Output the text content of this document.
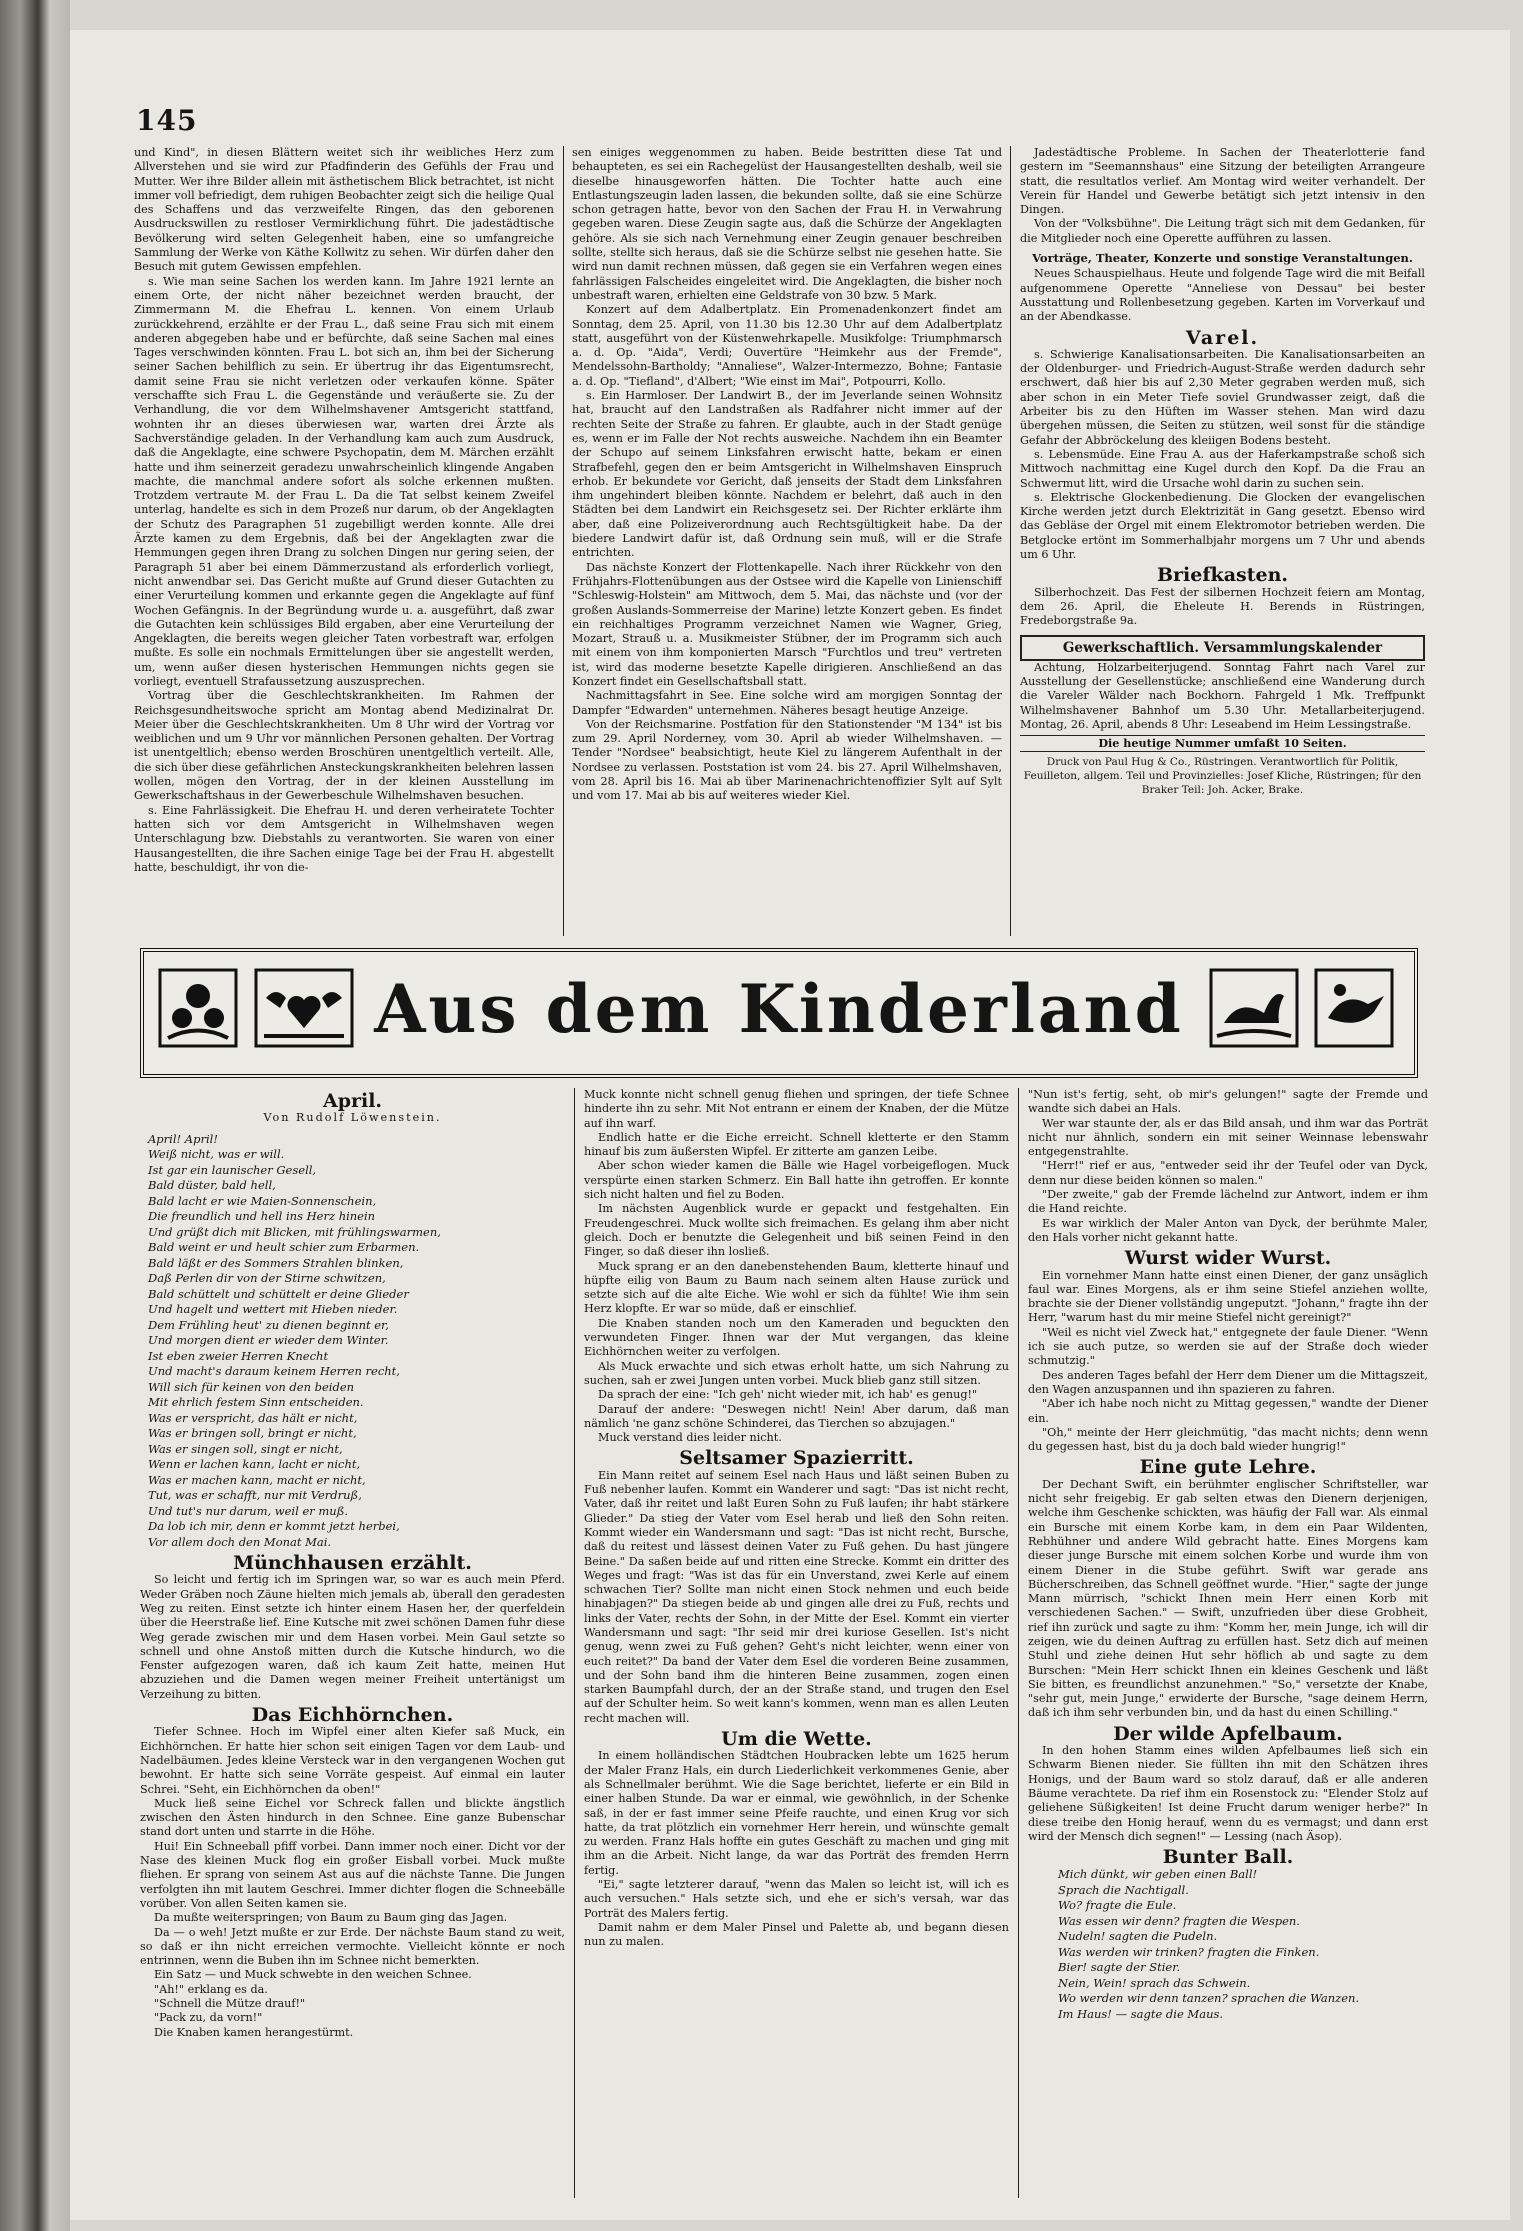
145

und Kind", in diesen Blättern weitet sich ihr weibliches Herz zum Allverstehen und sie wird zur Pfadfinderin des Gefühls der Frau und Mutter. Wer ihre Bilder allein mit ästhetischem Blick betrachtet, ist nicht immer voll befriedigt, dem ruhigen Beobachter zeigt sich die heilige Qual des Schaffens und das verzweifelte Ringen, das den geborenen Ausdruckswillen zu restloser Vermirklichung führt. Die jadestädtische Bevölkerung wird selten Gelegenheit haben, eine so umfangreiche Sammlung der Werke von Käthe Kollwitz zu sehen. Wir dürfen daher den Besuch mit gutem Gewissen empfehlen.

s. Wie man seine Sachen los werden kann. Im Jahre 1921 lernte an einem Orte, der nicht näher bezeichnet werden braucht, der Zimmermann M. die Ehefrau L. kennen. Von einem Urlaub zurückkehrend, erzählte er der Frau L., daß seine Frau sich mit einem anderen abgegeben habe und er befürchte, daß seine Sachen mal eines Tages verschwinden könnten. Frau L. bot sich an, ihm bei der Sicherung seiner Sachen behilflich zu sein. Er übertrug ihr das Eigentumsrecht, damit seine Frau sie nicht verletzen oder verkaufen könne. Später verschaffte sich Frau L. die Gegenstände und veräußerte sie. Zu der Verhandlung, die vor dem Wilhelmshavener Amtsgericht stattfand, wohnten ihr an dieses überwiesen war, warten drei Ärzte als Sachverständige geladen. In der Verhandlung kam auch zum Ausdruck, daß die Angeklagte, eine schwere Psychopatin, dem M. Märchen erzählt hatte und ihm seinerzeit geradezu unwahrscheinlich klingende Angaben machte, die manchmal andere sofort als solche erkennen mußten. Trotzdem vertraute M. der Frau L. Da die Tat selbst keinem Zweifel unterlag, handelte es sich in dem Prozeß nur darum, ob der Angeklagten der Schutz des Paragraphen 51 zugebilligt werden konnte. Alle drei Ärzte kamen zu dem Ergebnis, daß bei der Angeklagten zwar die Hemmungen gegen ihren Drang zu solchen Dingen nur gering seien, der Paragraph 51 aber bei einem Dämmerzustand als erforderlich vorliegt, nicht anwendbar sei. Das Gericht mußte auf Grund dieser Gutachten zu einer Verurteilung kommen und erkannte gegen die Angeklagte auf fünf Wochen Gefängnis. In der Begründung wurde u. a. ausgeführt, daß zwar die Gutachten kein schlüssiges Bild ergaben, aber eine Verurteilung der Angeklagten, die bereits wegen gleicher Taten vorbestraft war, erfolgen mußte. Es solle ein nochmals Ermittelungen über sie angestellt werden, um, wenn außer diesen hysterischen Hemmungen nichts gegen sie vorliegt, eventuell Strafaussetzung auszusprechen.

Vortrag über die Geschlechtskrankheiten. Im Rahmen der Reichsgesundheitswoche spricht am Montag abend Medizinalrat Dr. Meier über die Geschlechtskrankheiten. Um 8 Uhr wird der Vortrag vor weiblichen und um 9 Uhr vor männlichen Personen gehalten. Der Vortrag ist unentgeltlich; ebenso werden Broschüren unentgeltlich verteilt. Alle, die sich über diese gefährlichen Ansteckungskrankheiten belehren lassen wollen, mögen den Vortrag, der in der kleinen Ausstellung im Gewerkschaftshaus in der Gewerbeschule Wilhelmshaven besuchen.

s. Eine Fahrlässigkeit. Die Ehefrau H. und deren verheiratete Tochter hatten sich vor dem Amtsgericht in Wilhelmshaven wegen Unterschlagung bzw. Diebstahls zu verantworten. Sie waren von einer Hausangestellten, die ihre Sachen einige Tage bei der Frau H. abgestellt hatte, beschuldigt, ihr von die-

sen einiges weggenommen zu haben. Beide bestritten diese Tat und behaupteten, es sei ein Rachegelüst der Hausangestellten deshalb, weil sie dieselbe hinausgeworfen hätten. Die Tochter hatte auch eine Entlastungszeugin laden lassen, die bekunden sollte, daß sie eine Schürze schon getragen hatte, bevor von den Sachen der Frau H. in Verwahrung gegeben waren. Diese Zeugin sagte aus, daß die Schürze der Angeklagten gehöre. Als sie sich nach Vernehmung einer Zeugin genauer beschreiben sollte, stellte sich heraus, daß sie die Schürze selbst nie gesehen hatte. Sie wird nun damit rechnen müssen, daß gegen sie ein Verfahren wegen eines fahrlässigen Falscheides eingeleitet wird. Die Angeklagten, die bisher noch unbestraft waren, erhielten eine Geldstrafe von 30 bzw. 5 Mark.

Konzert auf dem Adalbertplatz. Ein Promenadenkonzert findet am Sonntag, dem 25. April, von 11.30 bis 12.30 Uhr auf dem Adalbertplatz statt, ausgeführt von der Küstenwehrkapelle. Musikfolge: Triumphmarsch a. d. Op. "Aida", Verdi; Ouvertüre "Heimkehr aus der Fremde", Mendelssohn-Bartholdy; "Annaliese", Walzer-Intermezzo, Bohne; Fantasie a. d. Op. "Tiefland", d'Albert; "Wie einst im Mai", Potpourri, Kollo.

s. Ein Harmloser. Der Landwirt B., der im Jeverlande seinen Wohnsitz hat, braucht auf den Landstraßen als Radfahrer nicht immer auf der rechten Seite der Straße zu fahren. Er glaubte, auch in der Stadt genüge es, wenn er im Falle der Not rechts ausweiche. Nachdem ihn ein Beamter der Schupo auf seinem Linksfahren erwischt hatte, bekam er einen Strafbefehl, gegen den er beim Amtsgericht in Wilhelmshaven Einspruch erhob. Er bekundete vor Gericht, daß jenseits der Stadt dem Linksfahren ihm ungehindert bleiben könnte. Nachdem er belehrt, daß auch in den Städten bei dem Landwirt ein Reichsgesetz sei. Der Richter erklärte ihm aber, daß eine Polizeiverordnung auch Rechtsgültigkeit habe. Da der biedere Landwirt dafür ist, daß Ordnung sein muß, will er die Strafe entrichten.

Das nächste Konzert der Flottenkapelle. Nach ihrer Rückkehr von den Frühjahrs-Flottenübungen aus der Ostsee wird die Kapelle von Linienschiff "Schleswig-Holstein" am Mittwoch, dem 5. Mai, das nächste und (vor der großen Auslands-Sommerreise der Marine) letzte Konzert geben. Es findet ein reichhaltiges Programm verzeichnet Namen wie Wagner, Grieg, Mozart, Strauß u. a. Musikmeister Stübner, der im Programm sich auch mit einem von ihm komponierten Marsch "Furchtlos und treu" vertreten ist, wird das moderne besetzte Kapelle dirigieren. Anschließend an das Konzert findet ein Gesellschaftsball statt.

Nachmittagsfahrt in See. Eine solche wird am morgigen Sonntag der Dampfer "Edwarden" unternehmen. Näheres besagt heutige Anzeige.

Von der Reichsmarine. Postfation für den Stationstender "M 134" ist bis zum 29. April Norderney, vom 30. April ab wieder Wilhelmshaven. — Tender "Nordsee" beabsichtigt, heute Kiel zu längerem Aufenthalt in der Nordsee zu verlassen. Poststation ist vom 24. bis 27. April Wilhelmshaven, vom 28. April bis 16. Mai ab über Marinenachrichtenoffizier Sylt auf Sylt und vom 17. Mai ab bis auf weiteres wieder Kiel.

Jadestädtische Probleme. In Sachen der Theaterlotterie fand gestern im "Seemannshaus" eine Sitzung der beteiligten Arrangeure statt, die resultatlos verlief. Am Montag wird weiter verhandelt. Der Verein für Handel und Gewerbe betätigt sich jetzt intensiv in den Dingen.

Von der "Volksbühne". Die Leitung trägt sich mit dem Gedanken, für die Mitglieder noch eine Operette aufführen zu lassen.

Vorträge, Theater, Konzerte und sonstige Veranstaltungen.

Neues Schauspielhaus. Heute und folgende Tage wird die mit Beifall aufgenommene Operette "Anneliese von Dessau" bei bester Ausstattung und Rollenbesetzung gegeben. Karten im Vorverkauf und an der Abendkasse.

Varel.

s. Schwierige Kanalisationsarbeiten. Die Kanalisationsarbeiten an der Oldenburger- und Friedrich-August-Straße werden dadurch sehr erschwert, daß hier bis auf 2,30 Meter gegraben werden muß, sich aber schon in ein Meter Tiefe soviel Grundwasser zeigt, daß die Arbeiter bis zu den Hüften im Wasser stehen. Man wird dazu übergehen müssen, die Seiten zu stützen, weil sonst für die ständige Gefahr der Abbröckelung des kleiigen Bodens besteht.

s. Lebensmüde. Eine Frau A. aus der Haferkampstraße schoß sich Mittwoch nachmittag eine Kugel durch den Kopf. Da die Frau an Schwermut litt, wird die Ursache wohl darin zu suchen sein.

s. Elektrische Glockenbedienung. Die Glocken der evangelischen Kirche werden jetzt durch Elektrizität in Gang gesetzt. Ebenso wird das Gebläse der Orgel mit einem Elektromotor betrieben werden. Die Betglocke ertönt im Sommerhalbjahr morgens um 7 Uhr und abends um 6 Uhr.

Briefkasten.

Silberhochzeit. Das Fest der silbernen Hochzeit feiern am Montag, dem 26. April, die Eheleute H. Berends in Rüstringen, Fredeborgstraße 9a.

Gewerkschaftlich. Versammlungskalender

Achtung, Holzarbeiterjugend. Sonntag Fahrt nach Varel zur Ausstellung der Gesellenstücke; anschließend eine Wanderung durch die Vareler Wälder nach Bockhorn. Fahrgeld 1 Mk. Treffpunkt Wilhelmshavener Bahnhof um 5.30 Uhr. Metallarbeiterjugend. Montag, 26. April, abends 8 Uhr: Leseabend im Heim Lessingstraße.

Die heutige Nummer umfaßt 10 Seiten.

Druck von Paul Hug & Co., Rüstringen. Verantwortlich für Politik, Feuilleton, allgem. Teil und Provinzielles: Josef Kliche, Rüstringen; für den Braker Teil: Joh. Acker, Brake.

Aus dem Kinderland
April.

Von Rudolf Löwenstein.

April! April!
Weiß nicht, was er will.
Ist gar ein launischer Gesell,
Bald düster, bald hell,
Bald lacht er wie Maien-Sonnenschein,
Die freundlich und hell ins Herz hinein
Und grüßt dich mit Blicken, mit frühlingswarmen,
Bald weint er und heult schier zum Erbarmen.
Bald läßt er des Sommers Strahlen blinken,
Daß Perlen dir von der Stirne schwitzen,
Bald schüttelt und schüttelt er deine Glieder
Und hagelt und wettert mit Hieben nieder.
Dem Frühling heut' zu dienen beginnt er,
Und morgen dient er wieder dem Winter.
Ist eben zweier Herren Knecht
Und macht's daraum keinem Herren recht,
Will sich für keinen von den beiden
Mit ehrlich festem Sinn entscheiden.
Was er verspricht, das hält er nicht,
Was er bringen soll, bringt er nicht,
Was er singen soll, singt er nicht,
Wenn er lachen kann, lacht er nicht,
Was er machen kann, macht er nicht,
Tut, was er schafft, nur mit Verdruß,
Und tut's nur darum, weil er muß.
Da lob ich mir, denn er kommt jetzt herbei,
Vor allem doch den Monat Mai.
Münchhausen erzählt.

So leicht und fertig ich im Springen war, so war es auch mein Pferd. Weder Gräben noch Zäune hielten mich jemals ab, überall den geradesten Weg zu reiten. Einst setzte ich hinter einem Hasen her, der querfeldein über die Heerstraße lief. Eine Kutsche mit zwei schönen Damen fuhr diese Weg gerade zwischen mir und dem Hasen vorbei. Mein Gaul setzte so schnell und ohne Anstoß mitten durch die Kutsche hindurch, wo die Fenster aufgezogen waren, daß ich kaum Zeit hatte, meinen Hut abzuziehen und die Damen wegen meiner Freiheit untertänigst um Verzeihung zu bitten.

Das Eichhörnchen.

Tiefer Schnee. Hoch im Wipfel einer alten Kiefer saß Muck, ein Eichhörnchen. Er hatte hier schon seit einigen Tagen vor dem Laub- und Nadelbäumen. Jedes kleine Versteck war in den vergangenen Wochen gut bewohnt. Er hatte sich seine Vorräte gespeist. Auf einmal ein lauter Schrei. "Seht, ein Eichhörnchen da oben!"

Muck ließ seine Eichel vor Schreck fallen und blickte ängstlich zwischen den Ästen hindurch in den Schnee. Eine ganze Bubenschar stand dort unten und starrte in die Höhe.

Hui! Ein Schneeball pfiff vorbei. Dann immer noch einer. Dicht vor der Nase des kleinen Muck flog ein großer Eisball vorbei. Muck mußte fliehen. Er sprang von seinem Ast aus auf die nächste Tanne. Die Jungen verfolgten ihn mit lautem Geschrei. Immer dichter flogen die Schneebälle vorüber. Von allen Seiten kamen sie.

Da mußte weiterspringen; von Baum zu Baum ging das Jagen.

Da — o weh! Jetzt mußte er zur Erde. Der nächste Baum stand zu weit, so daß er ihn nicht erreichen vermochte. Vielleicht könnte er noch entrinnen, wenn die Buben ihn im Schnee nicht bemerkten.

Ein Satz — und Muck schwebte in den weichen Schnee.

"Ah!" erklang es da.

"Schnell die Mütze drauf!"

"Pack zu, da vorn!"

Die Knaben kamen herangestürmt.

Muck konnte nicht schnell genug fliehen und springen, der tiefe Schnee hinderte ihn zu sehr. Mit Not entrann er einem der Knaben, der die Mütze auf ihn warf.

Endlich hatte er die Eiche erreicht. Schnell kletterte er den Stamm hinauf bis zum äußersten Wipfel. Er zitterte am ganzen Leibe.

Aber schon wieder kamen die Bälle wie Hagel vorbeigeflogen. Muck verspürte einen starken Schmerz. Ein Ball hatte ihn getroffen. Er konnte sich nicht halten und fiel zu Boden.

Im nächsten Augenblick wurde er gepackt und festgehalten. Ein Freudengeschrei. Muck wollte sich freimachen. Es gelang ihm aber nicht gleich. Doch er benutzte die Gelegenheit und biß seinen Feind in den Finger, so daß dieser ihn losließ.

Muck sprang er an den danebenstehenden Baum, kletterte hinauf und hüpfte eilig von Baum zu Baum nach seinem alten Hause zurück und setzte sich auf die alte Eiche. Wie wohl er sich da fühlte! Wie ihm sein Herz klopfte. Er war so müde, daß er einschlief.

Die Knaben standen noch um den Kameraden und beguckten den verwundeten Finger. Ihnen war der Mut vergangen, das kleine Eichhörnchen weiter zu verfolgen.

Als Muck erwachte und sich etwas erholt hatte, um sich Nahrung zu suchen, sah er zwei Jungen unten vorbei. Muck blieb ganz still sitzen.

Da sprach der eine: "Ich geh' nicht wieder mit, ich hab' es genug!"

Darauf der andere: "Deswegen nicht! Nein! Aber darum, daß man nämlich 'ne ganz schöne Schinderei, das Tierchen so abzujagen."

Muck verstand dies leider nicht.

Seltsamer Spazierritt.

Ein Mann reitet auf seinem Esel nach Haus und läßt seinen Buben zu Fuß nebenher laufen. Kommt ein Wanderer und sagt: "Das ist nicht recht, Vater, daß ihr reitet und laßt Euren Sohn zu Fuß laufen; ihr habt stärkere Glieder." Da stieg der Vater vom Esel herab und ließ den Sohn reiten. Kommt wieder ein Wandersmann und sagt: "Das ist nicht recht, Bursche, daß du reitest und lässest deinen Vater zu Fuß gehen. Du hast jüngere Beine." Da saßen beide auf und ritten eine Strecke. Kommt ein dritter des Weges und fragt: "Was ist das für ein Unverstand, zwei Kerle auf einem schwachen Tier? Sollte man nicht einen Stock nehmen und euch beide hinabjagen?" Da stiegen beide ab und gingen alle drei zu Fuß, rechts und links der Vater, rechts der Sohn, in der Mitte der Esel. Kommt ein vierter Wandersmann und sagt: "Ihr seid mir drei kuriose Gesellen. Ist's nicht genug, wenn zwei zu Fuß gehen? Geht's nicht leichter, wenn einer von euch reitet?" Da band der Vater dem Esel die vorderen Beine zusammen, und der Sohn band ihm die hinteren Beine zusammen, zogen einen starken Baumpfahl durch, der an der Straße stand, und trugen den Esel auf der Schulter heim. So weit kann's kommen, wenn man es allen Leuten recht machen will.

Um die Wette.

In einem holländischen Städtchen Houbracken lebte um 1625 herum der Maler Franz Hals, ein durch Liederlichkeit verkommenes Genie, aber als Schnellmaler berühmt. Wie die Sage berichtet, lieferte er ein Bild in einer halben Stunde. Da war er einmal, wie gewöhnlich, in der Schenke saß, in der er fast immer seine Pfeife rauchte, und einen Krug vor sich hatte, da trat plötzlich ein vornehmer Herr herein, und wünschte gemalt zu werden. Franz Hals hoffte ein gutes Geschäft zu machen und ging mit ihm an die Arbeit. Nicht lange, da war das Porträt des fremden Herrn fertig.

"Ei," sagte letzterer darauf, "wenn das Malen so leicht ist, will ich es auch versuchen." Hals setzte sich, und ehe er sich's versah, war das Porträt des Malers fertig.

Damit nahm er dem Maler Pinsel und Palette ab, und begann diesen nun zu malen.

"Nun ist's fertig, seht, ob mir's gelungen!" sagte der Fremde und wandte sich dabei an Hals.

Wer war staunte der, als er das Bild ansah, und ihm war das Porträt nicht nur ähnlich, sondern ein mit seiner Weinnase lebenswahr entgegenstrahlte.

"Herr!" rief er aus, "entweder seid ihr der Teufel oder van Dyck, denn nur diese beiden können so malen."

"Der zweite," gab der Fremde lächelnd zur Antwort, indem er ihm die Hand reichte.

Es war wirklich der Maler Anton van Dyck, der berühmte Maler, den Hals vorher nicht gekannt hatte.

Wurst wider Wurst.

Ein vornehmer Mann hatte einst einen Diener, der ganz unsäglich faul war. Eines Morgens, als er ihm seine Stiefel anziehen wollte, brachte sie der Diener vollständig ungeputzt. "Johann," fragte ihn der Herr, "warum hast du mir meine Stiefel nicht gereinigt?"

"Weil es nicht viel Zweck hat," entgegnete der faule Diener. "Wenn ich sie auch putze, so werden sie auf der Straße doch wieder schmutzig."

Des anderen Tages befahl der Herr dem Diener um die Mittagszeit, den Wagen anzuspannen und ihn spazieren zu fahren.

"Aber ich habe noch nicht zu Mittag gegessen," wandte der Diener ein.

"Oh," meinte der Herr gleichmütig, "das macht nichts; denn wenn du gegessen hast, bist du ja doch bald wieder hungrig!"

Eine gute Lehre.

Der Dechant Swift, ein berühmter englischer Schriftsteller, war nicht sehr freigebig. Er gab selten etwas den Dienern derjenigen, welche ihm Geschenke schickten, was häufig der Fall war. Als einmal ein Bursche mit einem Korbe kam, in dem ein Paar Wildenten, Rebhühner und andere Wild gebracht hatte. Eines Morgens kam dieser junge Bursche mit einem solchen Korbe und wurde ihm von einem Diener in die Stube geführt. Swift war gerade ans Bücherschreiben, das Schnell geöffnet wurde. "Hier," sagte der junge Mann mürrisch, "schickt Ihnen mein Herr einen Korb mit verschiedenen Sachen." — Swift, unzufrieden über diese Grobheit, rief ihn zurück und sagte zu ihm: "Komm her, mein Junge, ich will dir zeigen, wie du deinen Auftrag zu erfüllen hast. Setz dich auf meinen Stuhl und ziehe deinen Hut sehr höflich ab und sagte zu dem Burschen: "Mein Herr schickt Ihnen ein kleines Geschenk und läßt Sie bitten, es freundlichst anzunehmen." "So," versetzte der Knabe, "sehr gut, mein Junge," erwiderte der Bursche, "sage deinem Herrn, daß ich ihm sehr verbunden bin, und da hast du einen Schilling."

Der wilde Apfelbaum.

In den hohen Stamm eines wilden Apfelbaumes ließ sich ein Schwarm Bienen nieder. Sie füllten ihn mit den Schätzen ihres Honigs, und der Baum ward so stolz darauf, daß er alle anderen Bäume verachtete. Da rief ihm ein Rosenstock zu: "Elender Stolz auf geliehene Süßigkeiten! Ist deine Frucht darum weniger herbe?" In diese treibe den Honig herauf, wenn du es vermagst; und dann erst wird der Mensch dich segnen!" — Lessing (nach Äsop).

Bunter Ball.
Mich dünkt, wir geben einen Ball!
Sprach die Nachtigall.
Wo? fragte die Eule.
Was essen wir denn? fragten die Wespen.
Nudeln! sagten die Pudeln.
Was werden wir trinken? fragten die Finken.
Bier! sagte der Stier.
Nein, Wein! sprach das Schwein.
Wo werden wir denn tanzen? sprachen die Wanzen.
Im Haus! — sagte die Maus.
